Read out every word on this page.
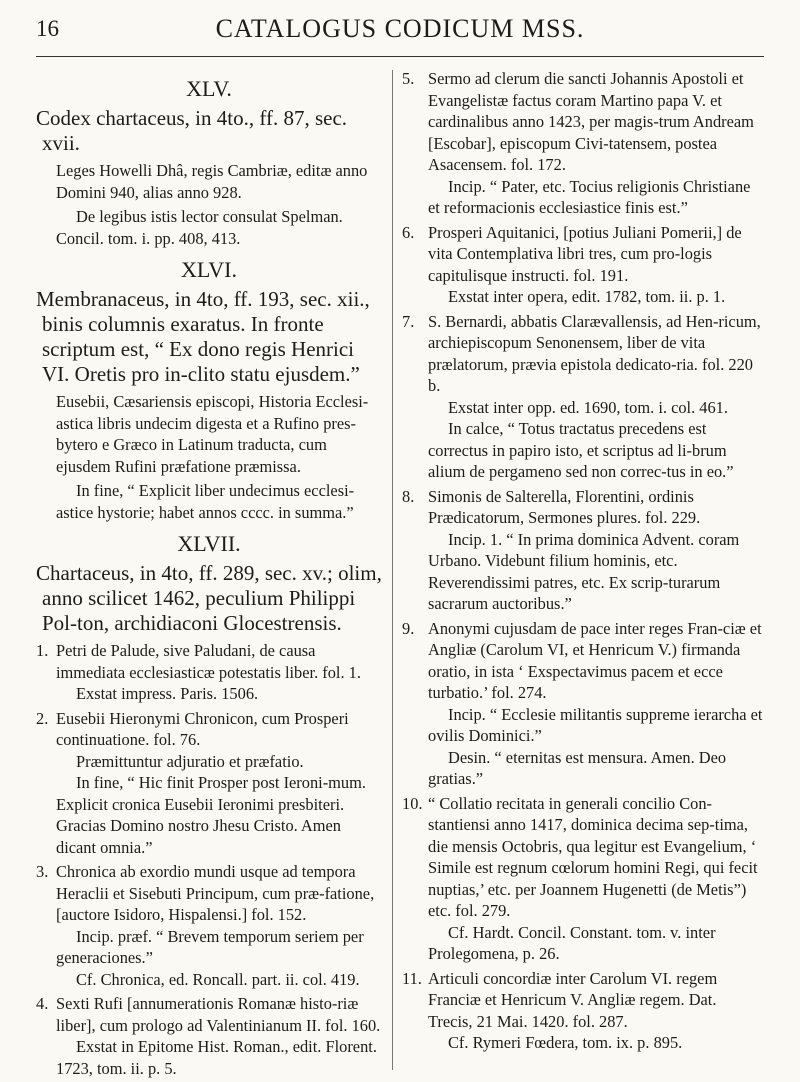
16	CATALOGUS CODICUM MSS.
XLV.

Codex chartaceus, in 4to., ff. 87, sec. xvii.

Leges Howelli Dhâ, regis Cambriæ, editæ anno Domini 940, alias anno 928.

De legibus istis lector consulat Spelman. Concil. tom. i. pp. 408, 413.

XLVI.

Membranaceus, in 4to, ff. 193, sec. xii., binis columnis exaratus. In fronte scriptum est, “ Ex dono regis Henrici VI. Oretis pro in-clito statu ejusdem.”

Eusebii, Cæsariensis episcopi, Historia Ecclesi-astica libris undecim digesta et a Rufino pres-bytero e Græco in Latinum traducta, cum ejusdem Rufini præfatione præmissa.

In fine, “ Explicit liber undecimus ecclesi-astice hystorie; habet annos cccc. in summa.”

XLVII.

Chartaceus, in 4to, ff. 289, sec. xv.; olim, anno scilicet 1462, peculium Philippi Pol-ton, archidiaconi Glocestrensis.

1. Petri de Palude, sive Paludani, de causa immediata ecclesiasticæ potestatis liber. fol. 1.

Exstat impress. Paris. 1506.

2. Eusebii Hieronymi Chronicon, cum Prosperi continuatione. fol. 76.

Præmittuntur adjuratio et præfatio.

In fine, “ Hic finit Prosper post Ieroni-mum. Explicit cronica Eusebii Ieronimi presbiteri. Gracias Domino nostro Jhesu Cristo. Amen dicant omnia.”

3. Chronica ab exordio mundi usque ad tempora Heraclii et Sisebuti Principum, cum præ-fatione, [auctore Isidoro, Hispalensi.] fol. 152.

Incip. præf. “ Brevem temporum seriem per generaciones.”

Cf. Chronica, ed. Roncall. part. ii. col. 419.

4. Sexti Rufi [annumerationis Romanæ histo-riæ liber], cum prologo ad Valentinianum II. fol. 160.

Exstat in Epitome Hist. Roman., edit. Florent. 1723, tom. ii. p. 5.

5. Sermo ad clerum die sancti Johannis Apostoli et Evangelistæ factus coram Martino papa V. et cardinalibus anno 1423, per magis-trum Andream [Escobar], episcopum Civi-tatensem, postea Asacensem. fol. 172.

Incip. “ Pater, etc. Tocius religionis Christiane et reformacionis ecclesiastice finis est.”

6. Prosperi Aquitanici, [potius Juliani Pomerii,] de vita Contemplativa libri tres, cum pro-logis capitulisque instructi. fol. 191.

Exstat inter opera, edit. 1782, tom. ii. p. 1.

7. S. Bernardi, abbatis Clarævallensis, ad Hen-ricum, archiepiscopum Senonensem, liber de vita prælatorum, prævia epistola dedicato-ria. fol. 220 b.

Exstat inter opp. ed. 1690, tom. i. col. 461.

In calce, “ Totus tractatus precedens est correctus in papiro isto, et scriptus ad li-brum alium de pergameno sed non correc-tus in eo.”

8. Simonis de Salterella, Florentini, ordinis Prædicatorum, Sermones plures. fol. 229.

Incip. 1. “ In prima dominica Advent. coram Urbano. Videbunt filium hominis, etc. Reverendissimi patres, etc. Ex scrip-turarum sacrarum auctoribus.”

9. Anonymi cujusdam de pace inter reges Fran-ciæ et Angliæ (Carolum VI, et Henricum V.) firmanda oratio, in ista ‘ Exspectavimus pacem et ecce turbatio.’ fol. 274.

Incip. “ Ecclesie militantis suppreme ierarcha et ovilis Dominici.”

Desin. “ eternitas est mensura. Amen. Deo gratias.”

10. “ Collatio recitata in generali concilio Con-stantiensi anno 1417, dominica decima sep-tima, die mensis Octobris, qua legitur est Evangelium, ‘ Simile est regnum cœlorum homini Regi, qui fecit nuptias,’ etc. per Joannem Hugenetti (de Metis”) etc. fol. 279.

Cf. Hardt. Concil. Constant. tom. v. inter Prolegomena, p. 26.

11. Articuli concordiæ inter Carolum VI. regem Franciæ et Henricum V. Angliæ regem. Dat. Trecis, 21 Mai. 1420. fol. 287.

Cf. Rymeri Fœdera, tom. ix. p. 895.
